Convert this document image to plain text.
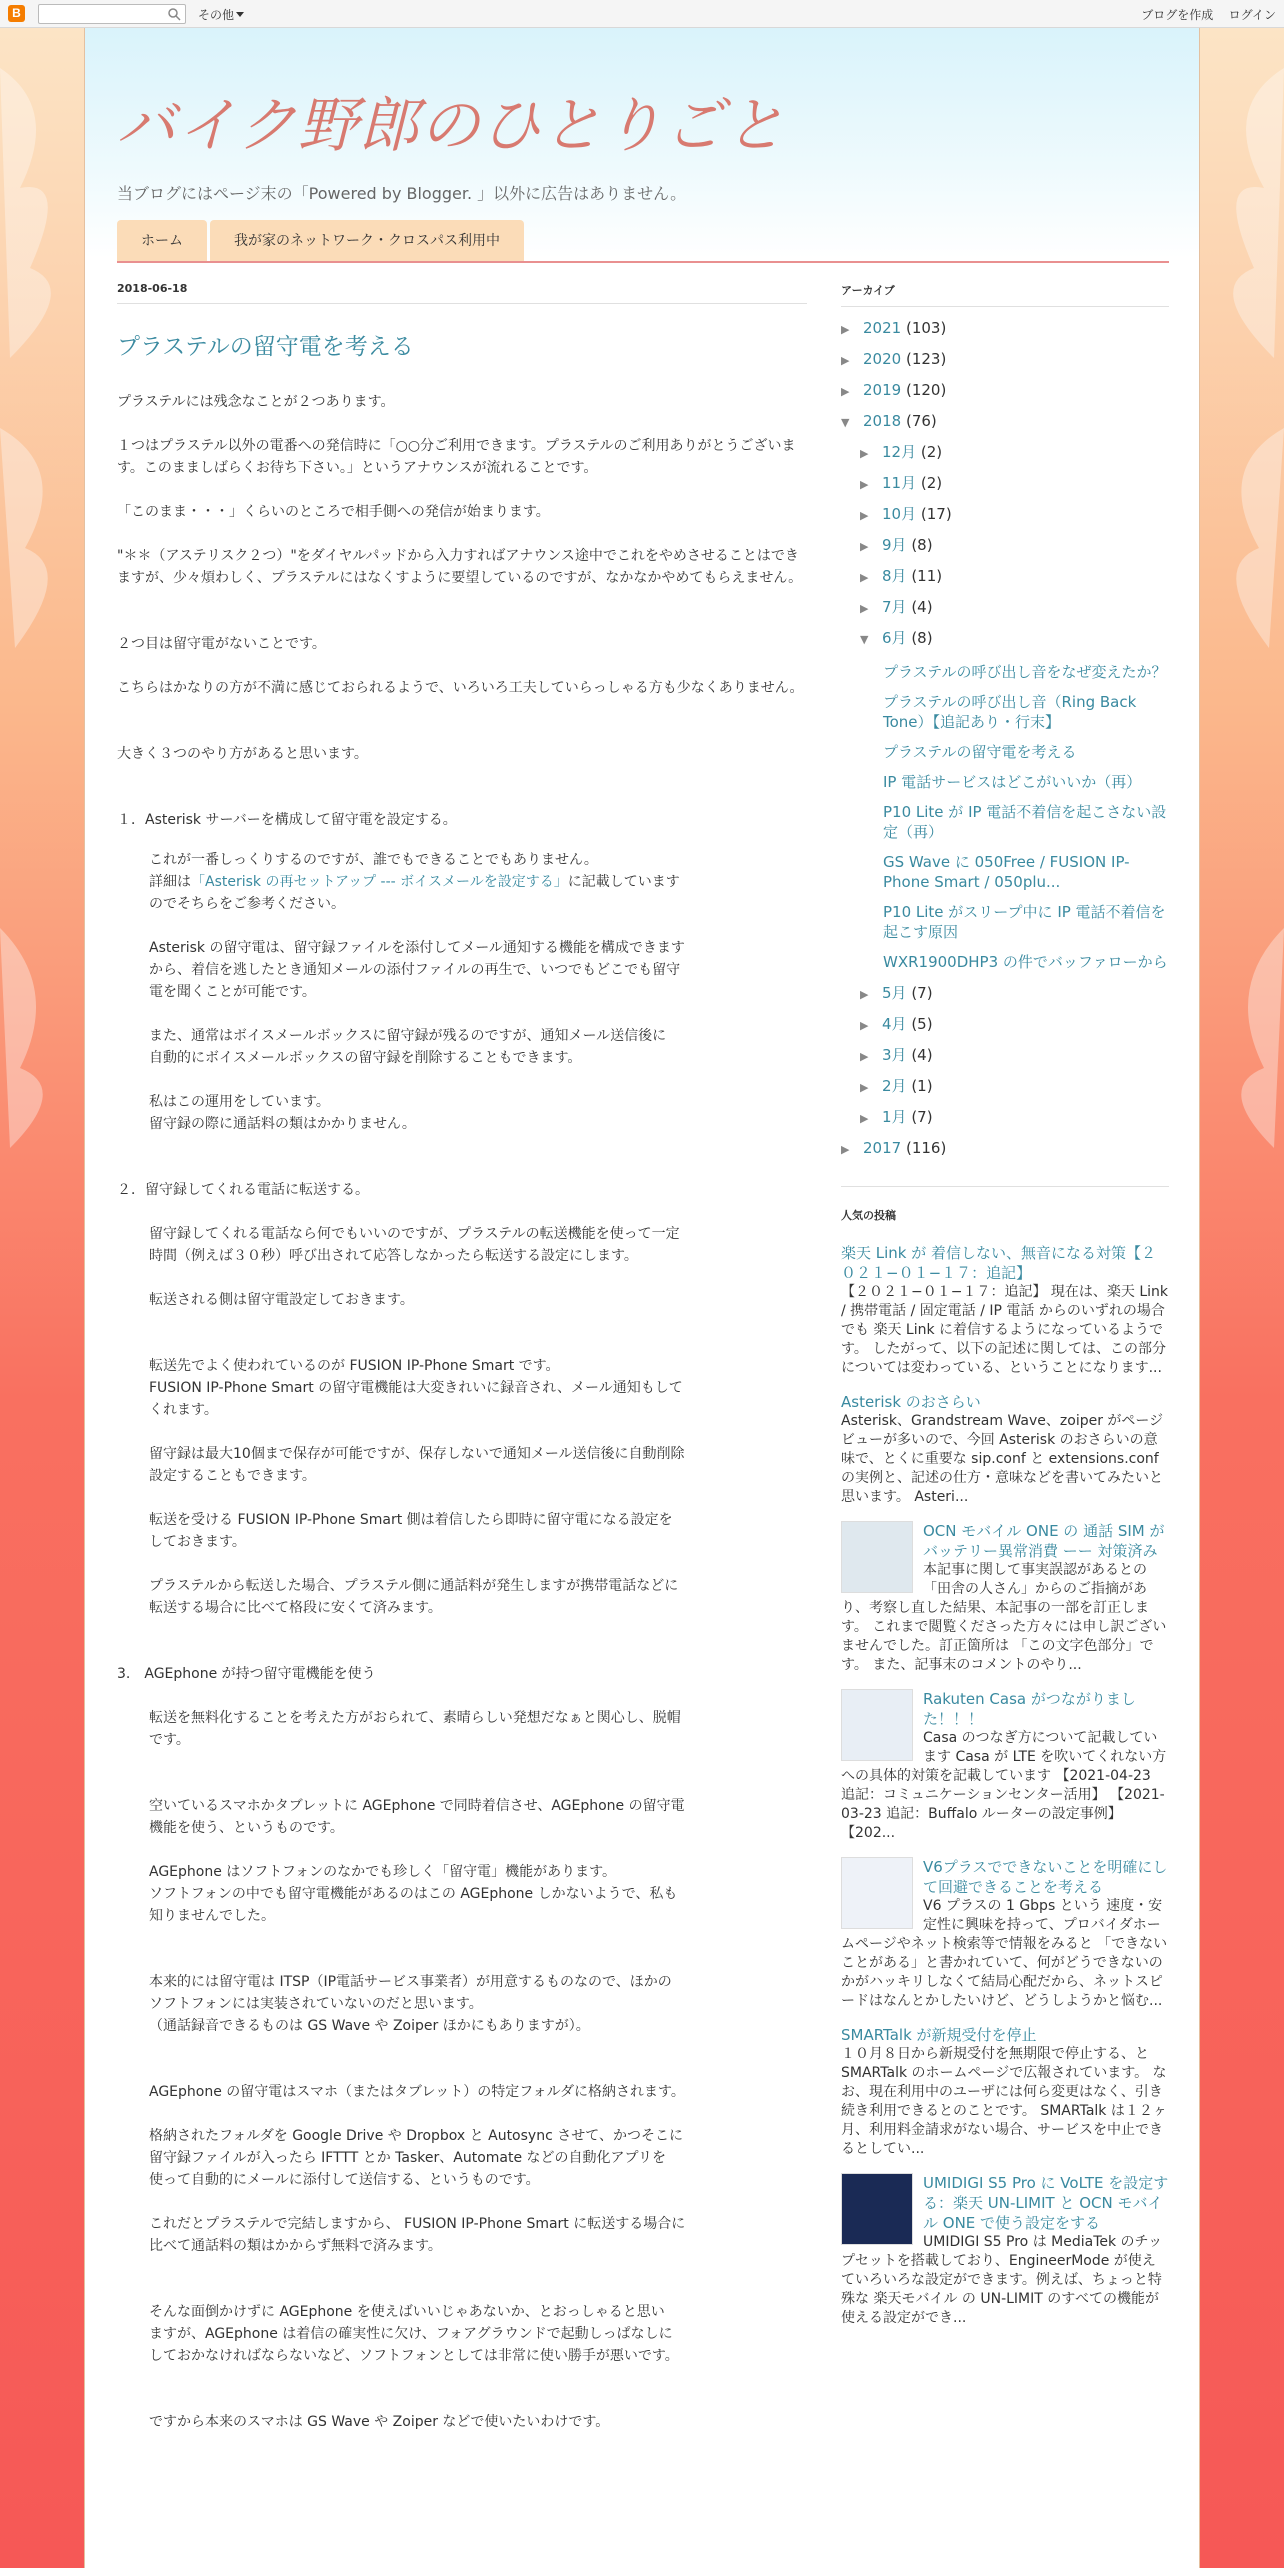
B	その他	ブログを作成 ログイン
バイク野郎のひとりごと
当ブログにはページ末の「Powered by Blogger. 」以外に広告はありません。
ホーム	我が家のネットワーク・クロスパス利用中
2018-06-18
プラステルの留守電を考える
プラステルには残念なことが２つあります。
１つはプラステル以外の電番への発信時に「○○分ご利用できます。プラステルのご利用ありがとうございます。このまましばらくお待ち下さい。」というアナウンスが流れることです。
「このまま・・・」くらいのところで相手側への発信が始まります。
"＊＊（アステリスク２つ）"をダイヤルパッドから入力すればアナウンス途中でこれをやめさせることはできますが、少々煩わしく、プラステルにはなくすように要望しているのですが、なかなかやめてもらえません。
２つ目は留守電がないことです。
こちらはかなりの方が不満に感じておられるようで、いろいろ工夫していらっしゃる方も少なくありません。
大きく３つのやり方があると思います。
１．Asterisk サーバーを構成して留守電を設定する。
これが一番しっくりするのですが、誰でもできることでもありません。
詳細は「Asterisk の再セットアップ --- ボイスメールを設定する」に記載しています
のでそちらをご参考ください。
Asterisk の留守電は、留守録ファイルを添付してメール通知する機能を構成できます
から、着信を逃したとき通知メールの添付ファイルの再生で、いつでもどこでも留守
電を聞くことが可能です。
また、通常はボイスメールボックスに留守録が残るのですが、通知メール送信後に
自動的にボイスメールボックスの留守録を削除することもできます。
私はこの運用をしています。
留守録の際に通話料の類はかかりません。
２．留守録してくれる電話に転送する。
留守録してくれる電話なら何でもいいのですが、プラステルの転送機能を使って一定
時間（例えば３０秒）呼び出されて応答しなかったら転送する設定にします。
転送される側は留守電設定しておきます。
転送先でよく使われているのが FUSION IP-Phone Smart です。
FUSION IP-Phone Smart の留守電機能は大変きれいに録音され、メール通知もして
くれます。
留守録は最大10個まで保存が可能ですが、保存しないで通知メール送信後に自動削除
設定することもできます。
転送を受ける FUSION IP-Phone Smart 側は着信したら即時に留守電になる設定を
しておきます。
プラステルから転送した場合、プラステル側に通話料が発生しますが携帯電話などに
転送する場合に比べて格段に安くて済みます。
3.　AGEphone が持つ留守電機能を使う
転送を無料化することを考えた方がおられて、素晴らしい発想だなぁと関心し、脱帽
です。
空いているスマホかタブレットに AGEphone で同時着信させ、AGEphone の留守電
機能を使う、というものです。
AGEphone はソフトフォンのなかでも珍しく「留守電」機能があります。
ソフトフォンの中でも留守電機能があるのはこの AGEphone しかないようで、私も
知りませんでした。
本来的には留守電は ITSP（IP電話サービス事業者）が用意するものなので、ほかの
ソフトフォンには実装されていないのだと思います。
（通話録音できるものは GS Wave や Zoiper ほかにもありますが）。
AGEphone の留守電はスマホ（またはタブレット）の特定フォルダに格納されます。
格納されたフォルダを Google Drive や Dropbox と Autosync させて、かつそこに
留守録ファイルが入ったら IFTTT とか Tasker、Automate などの自動化アプリを
使って自動的にメールに添付して送信する、というものです。
これだとプラステルで完結しますから、 FUSION IP-Phone Smart に転送する場合に
比べて通話料の類はかからず無料で済みます。
そんな面倒かけずに AGEphone を使えばいいじゃあないか、とおっしゃると思い
ますが、AGEphone は着信の確実性に欠け、フォアグラウンドで起動しっぱなしに
しておかなければならないなど、ソフトフォンとしては非常に使い勝手が悪いです。
ですから本来のスマホは GS Wave や Zoiper などで使いたいわけです。
アーカイブ
▶ 2021 (103)
▶ 2020 (123)
▶ 2019 (120)
▼ 2018 (76)
▶ 12月 (2)
▶ 11月 (2)
▶ 10月 (17)
▶ 9月 (8)
▶ 8月 (11)
▶ 7月 (4)
▼ 6月 (8)
プラステルの呼び出し音をなぜ変えたか？
プラステルの呼び出し音（Ring Back Tone）【追記あり・行末】
プラステルの留守電を考える
IP 電話サービスはどこがいいか（再）
P10 Lite が IP 電話不着信を起こさない設定（再）
GS Wave に 050Free / FUSION IP-Phone Smart / 050plu...
P10 Lite がスリープ中に IP 電話不着信を起こす原因
WXR1900DHP3 の件でバッファローから
▶ 5月 (7)
▶ 4月 (5)
▶ 3月 (4)
▶ 2月 (1)
▶ 1月 (7)
▶ 2017 (116)
人気の投稿
楽天 Link が 着信しない、無音になる対策【２０２１−０１−１７：追記】
【２０２１−０１−１７：追記】 現在は、楽天 Link / 携帯電話 / 固定電話 / IP 電話 からのいずれの場合でも 楽天 Link に着信するようになっているようです。 したがって、以下の記述に関しては、この部分については変わっている、ということになります...
Asterisk のおさらい
Asterisk、Grandstream Wave、zoiper がページビューが多いので、今回 Asterisk のおさらいの意味で、とくに重要な sip.conf と extensions.conf の実例と、記述の仕方・意味などを書いてみたいと思います。 Asteri...
OCN モバイル ONE の 通話 SIM がバッテリー異常消費 ーー 対策済み
本記事に関して事実誤認があるとの「田舎の人さん」からのご指摘があり、考察し直した結果、本記事の一部を訂正します。 これまで閲覧くださった方々には申し訳ございませんでした。訂正箇所は 「この文字色部分」です。 また、記事末のコメントのやり...
Rakuten Casa がつながりました！！！
Casa のつなぎ方について記載しています Casa が LTE を吹いてくれない方への具体的対策を記載しています 【2021-04-23 追記：コミュニケーションセンター活用】 【2021-03-23 追記：Buffalo ルーターの設定事例】 【202...
V6プラスでできないことを明確にして回避できることを考える
V6 プラスの 1 Gbps という 速度・安定性に興味を持って、プロバイダホームページやネット検索等で情報をみると 「できないことがある」と書かれていて、何がどうできないのかがハッキリしなくて結局心配だから、ネットスピードはなんとかしたいけど、どうしようかと悩む...
SMARTalk が新規受付を停止
１０月８日から新規受付を無期限で停止する、と SMARTalk のホームページで広報されています。 なお、現在利用中のユーザには何ら変更はなく、引き続き利用できるとのことです。 SMARTalk は１２ヶ月、利用料金請求がない場合、サービスを中止できるとしてい...
UMIDIGI S5 Pro に VoLTE を設定する：楽天 UN-LIMIT と OCN モバイル ONE で使う設定をする
UMIDIGI S5 Pro は MediaTek のチップセットを搭載しており、EngineerMode が使えていろいろな設定ができます。例えば、ちょっと特殊な 楽天モバイル の UN-LIMIT のすべての機能が使える設定ができ...
